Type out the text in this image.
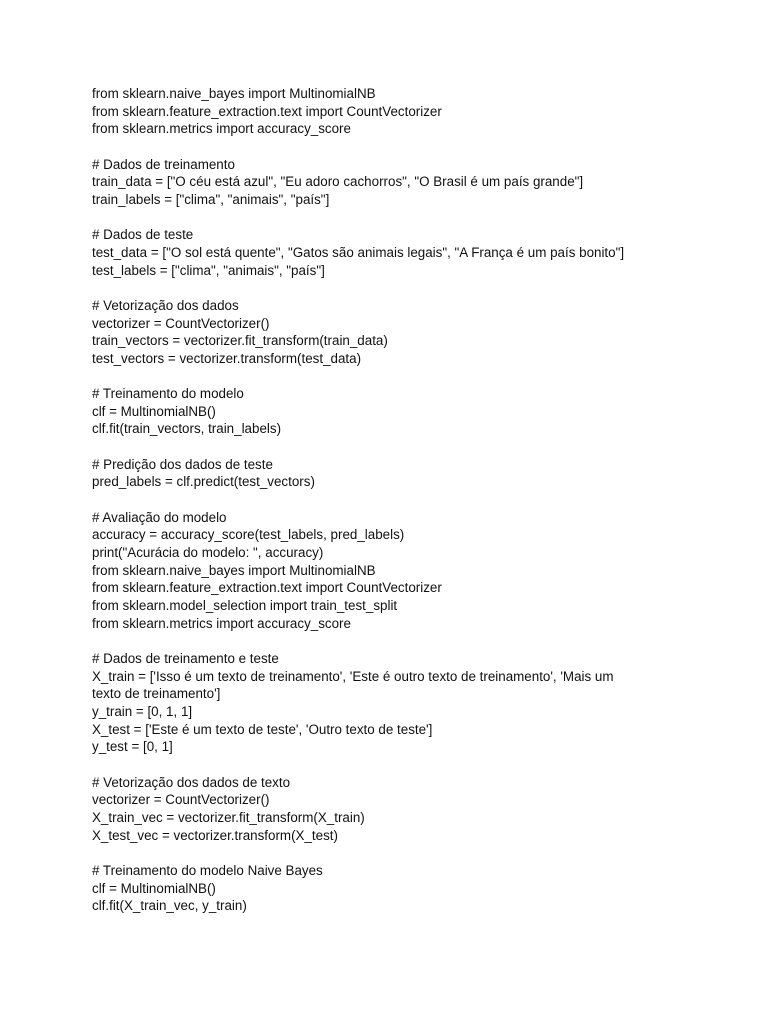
from sklearn.naive_bayes import MultinomialNB
from sklearn.feature_extraction.text import CountVectorizer
from sklearn.metrics import accuracy_score
# Dados de treinamento
train_data = ["O céu está azul", "Eu adoro cachorros", "O Brasil é um país grande"]
train_labels = ["clima", "animais", "país"]
# Dados de teste
test_data = ["O sol está quente", "Gatos são animais legais", "A França é um país bonito"]
test_labels = ["clima", "animais", "país"]
# Vetorização dos dados
vectorizer = CountVectorizer()
train_vectors = vectorizer.fit_transform(train_data)
test_vectors = vectorizer.transform(test_data)
# Treinamento do modelo
clf = MultinomialNB()
clf.fit(train_vectors, train_labels)
# Predição dos dados de teste
pred_labels = clf.predict(test_vectors)
# Avaliação do modelo
accuracy = accuracy_score(test_labels, pred_labels)
print("Acurácia do modelo: ", accuracy)
from sklearn.naive_bayes import MultinomialNB
from sklearn.feature_extraction.text import CountVectorizer
from sklearn.model_selection import train_test_split
from sklearn.metrics import accuracy_score
# Dados de treinamento e teste
X_train = ['Isso é um texto de treinamento', 'Este é outro texto de treinamento', 'Mais um
texto de treinamento']
y_train = [0, 1, 1]
X_test = ['Este é um texto de teste', 'Outro texto de teste']
y_test = [0, 1]
# Vetorização dos dados de texto
vectorizer = CountVectorizer()
X_train_vec = vectorizer.fit_transform(X_train)
X_test_vec = vectorizer.transform(X_test)
# Treinamento do modelo Naive Bayes
clf = MultinomialNB()
clf.fit(X_train_vec, y_train)
